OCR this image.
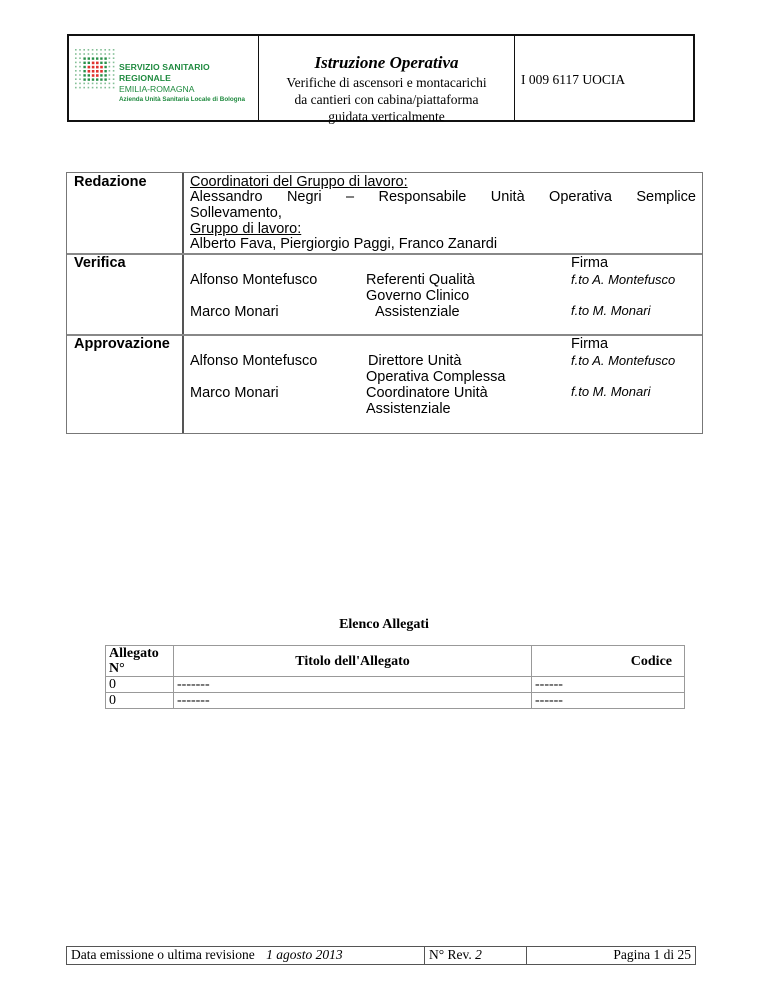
SERVIZIO SANITARIO REGIONALE
EMILIA-ROMAGNA
Azienda Unità Sanitaria Locale di Bologna
Istruzione Operativa
Verifiche di ascensori e montacarichi
da cantieri con cabina/piattaforma
guidata verticalmente
I 009 6117 UOCIA
Redazione	Coordinatori del Gruppo di lavoro:
Alessandro Negri – Responsabile Unità Operativa Semplice
Sollevamento,
Gruppo di lavoro:
Alberto Fava, Piergiorgio Paggi, Franco Zanardi
Verifica	Firma
Alfonso Montefusco	Referenti Qualità	f.to A. Montefusco
Governo Clinico
Marco Monari	Assistenziale	f.to M. Monari
Approvazione	Firma
Alfonso Montefusco	Direttore Unità	f.to A. Montefusco
Operativa Complessa
Marco Monari	Coordinatore Unità	f.to M. Monari
Assistenziale
Elenco Allegati
Allegato N°	Titolo dell'Allegato	Codice
0	-------	------
0	-------	------
Data emissione o ultima revisione 1 agosto 2013	N° Rev. 2	Pagina 1 di 25
